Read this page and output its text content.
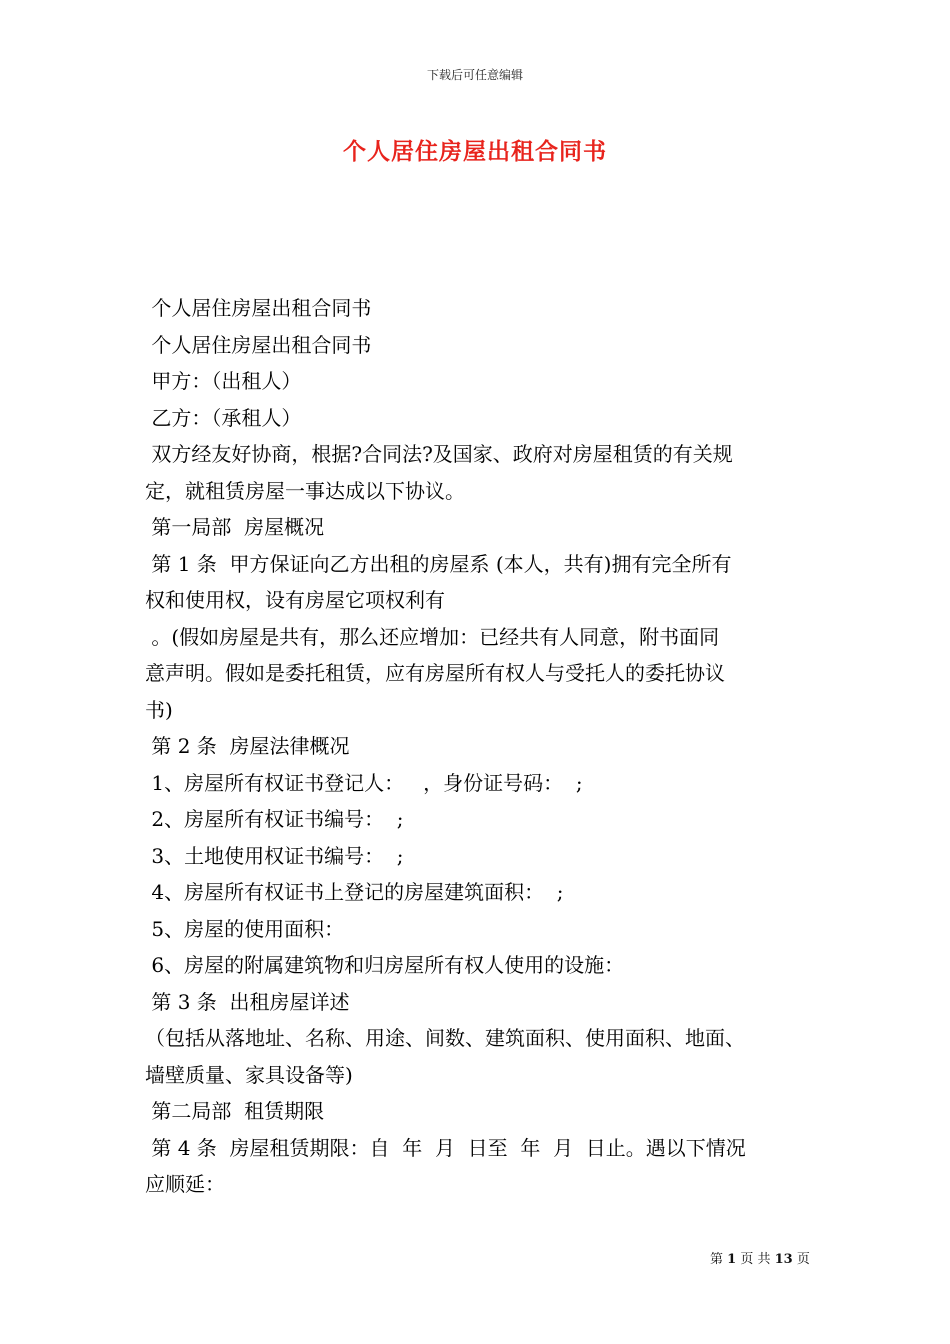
下载后可任意编辑
个人居住房屋出租合同书
个人居住房屋出租合同书
个人居住房屋出租合同书
甲方：（出租人）
乙方：（承租人）
双方经友好协商，根据?合同法?及国家、政府对房屋租赁的有关规
定，就租赁房屋一事达成以下协议。
第一局部  房屋概况
第 1 条  甲方保证向乙方出租的房屋系 (本人，共有)拥有完全所有
权和使用权，设有房屋它项权利有
。(假如房屋是共有，那么还应增加：已经共有人同意，附书面同
意声明。假如是委托租赁，应有房屋所有权人与受托人的委托协议
书)
第 2 条  房屋法律概况
1、房屋所有权证书登记人：   ，身份证号码：  ;
2、房屋所有权证书编号：  ;
3、土地使用权证书编号：  ;
4、房屋所有权证书上登记的房屋建筑面积：  ;
5、房屋的使用面积：
6、房屋的附属建筑物和归房屋所有权人使用的设施：
第 3 条  出租房屋详述
（包括从落地址、名称、用途、间数、建筑面积、使用面积、地面、
墙壁质量、家具设备等)
第二局部  租赁期限
第 4 条  房屋租赁期限：自  年  月  日至  年  月  日止。遇以下情况
应顺延：
第 1 页 共 13 页
